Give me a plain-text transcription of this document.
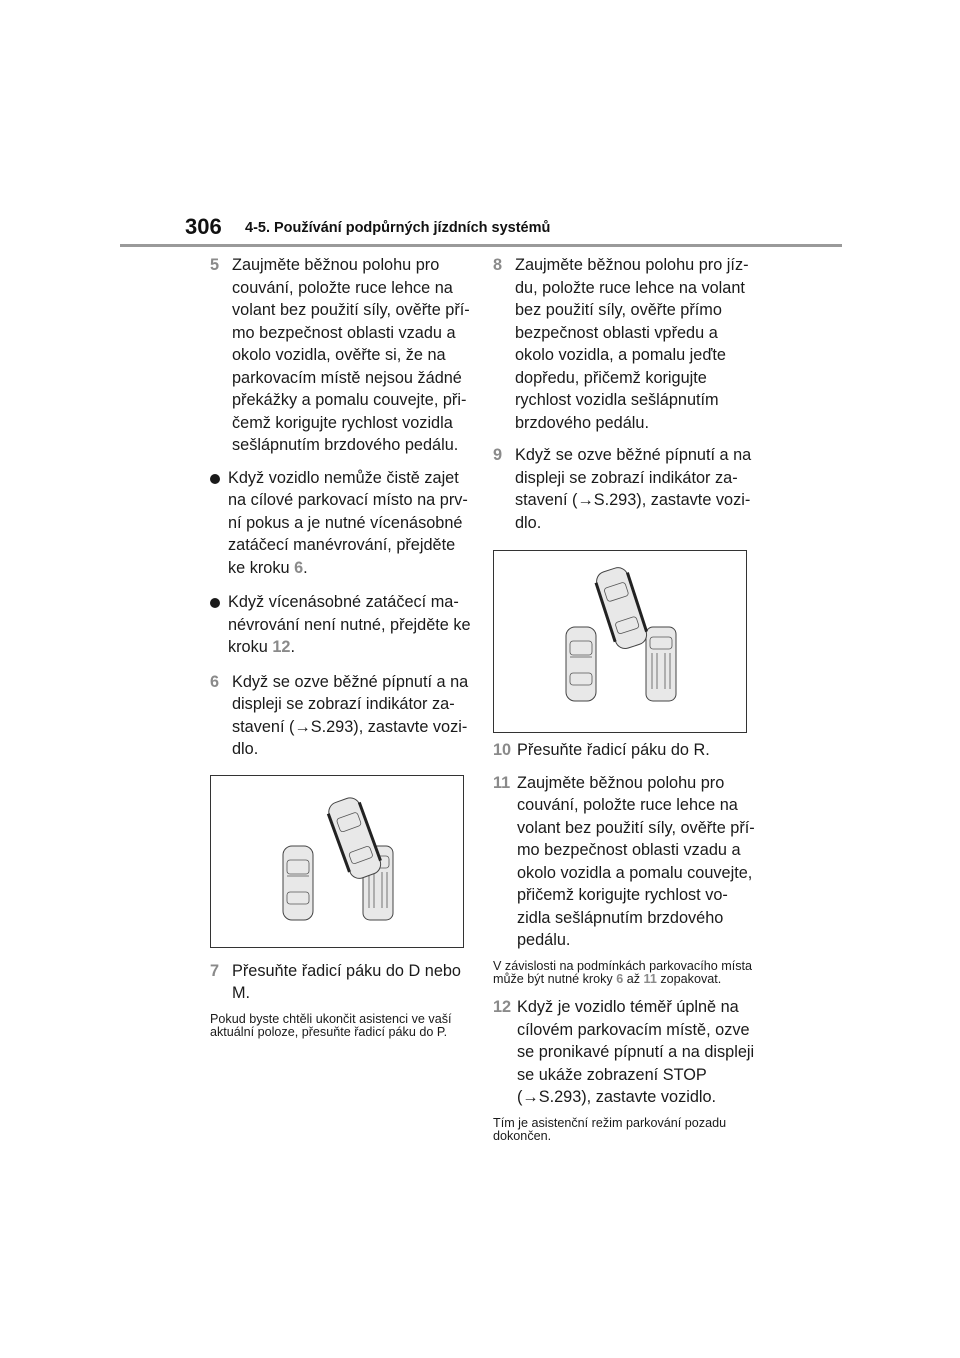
306 4-5. Používání podpůrných jízdních systémů
5 Zaujměte běžnou polohu pro couvání, položte ruce lehce na volant bez použití síly, ověřte přímo bezpečnost oblasti vzadu a okolo vozidla, ověřte si, že na parkovacím místě nejsou žádné překážky a pomalu couvejte, přičemž korigujte rychlost vozidla sešlápnutím brzdového pedálu.
Když vozidlo nemůže čistě zajet na cílové parkovací místo na první pokus a je nutné vícenásobné zatáčecí manévrování, přejděte ke kroku 6.
Když vícenásobné zatáčecí manévrování není nutné, přejděte ke kroku 12.
6 Když se ozve běžné pípnutí a na displeji se zobrazí indikátor zastavení (→S.293), zastavte vozidlo.
7 Přesuňte řadicí páku do D nebo M.
Pokud byste chtěli ukončit asistenci ve vaší aktuální poloze, přesuňte řadicí páku do P.
8 Zaujměte běžnou polohu pro jízdu, položte ruce lehce na volant bez použití síly, ověřte přímo bezpečnost oblasti vpředu a okolo vozidla, a pomalu jeďte dopředu, přičemž korigujte rychlost vozidla sešlápnutím brzdového pedálu.
9 Když se ozve běžné pípnutí a na displeji se zobrazí indikátor zastavení (→S.293), zastavte vozidlo.
10 Přesuňte řadicí páku do R.
11 Zaujměte běžnou polohu pro couvání, položte ruce lehce na volant bez použití síly, ověřte přímo bezpečnost oblasti vzadu a okolo vozidla a pomalu couvejte, přičemž korigujte rychlost vozidla sešlápnutím brzdového pedálu.
V závislosti na podmínkách parkovacího místa může být nutné kroky 6 až 11 zopakovat.
12 Když je vozidlo téměř úplně na cílovém parkovacím místě, ozve se pronikavé pípnutí a na displeji se ukáže zobrazení STOP (→S.293), zastavte vozidlo.
Tím je asistenční režim parkování pozadu dokončen.
